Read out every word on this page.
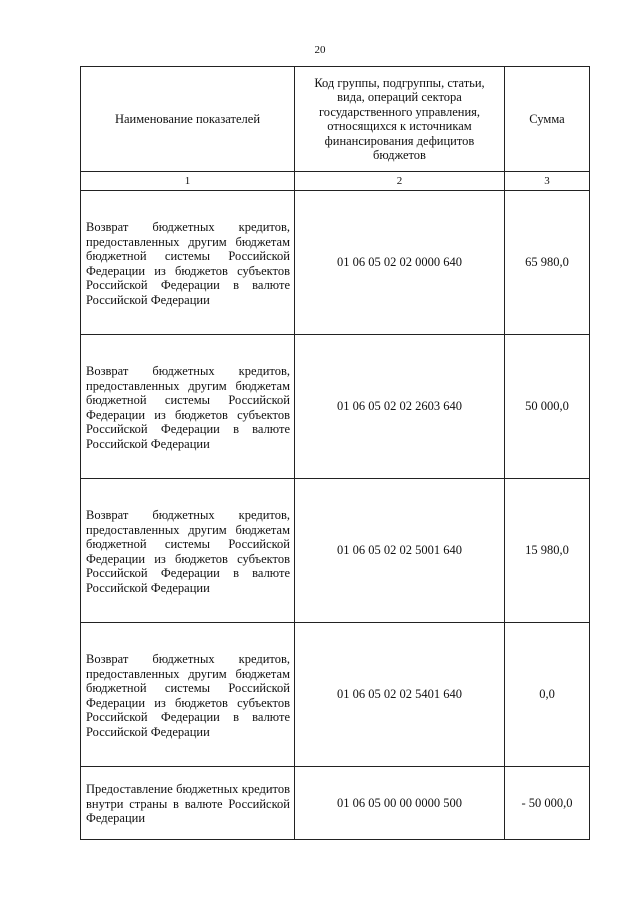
20
Наименование показателей	Код группы, подгруппы, статьи, вида, операций сектора государственного управления, относящихся к источникам финансирования дефицитов бюджетов	Сумма
1	2	3
Возврат бюджетных кредитов, предоставленных другим бюджетам бюджетной системы Российской Федерации из бюджетов субъектов Российской Федерации в валюте Российской Федерации	01 06 05 02 02 0000 640	65 980,0
Возврат бюджетных кредитов, предоставленных другим бюджетам бюджетной системы Российской Федерации из бюджетов субъектов Российской Федерации в валюте Российской Федерации	01 06 05 02 02 2603 640	50 000,0
Возврат бюджетных кредитов, предоставленных другим бюджетам бюджетной системы Российской Федерации из бюджетов субъектов Российской Федерации в валюте Российской Федерации	01 06 05 02 02 5001 640	15 980,0
Возврат бюджетных кредитов, предоставленных другим бюджетам бюджетной системы Российской Федерации из бюджетов субъектов Российской Федерации в валюте Российской Федерации	01 06 05 02 02 5401 640	0,0
Предоставление бюджетных кредитов внутри страны в валюте Российской Федерации	01 06 05 00 00 0000 500	- 50 000,0
